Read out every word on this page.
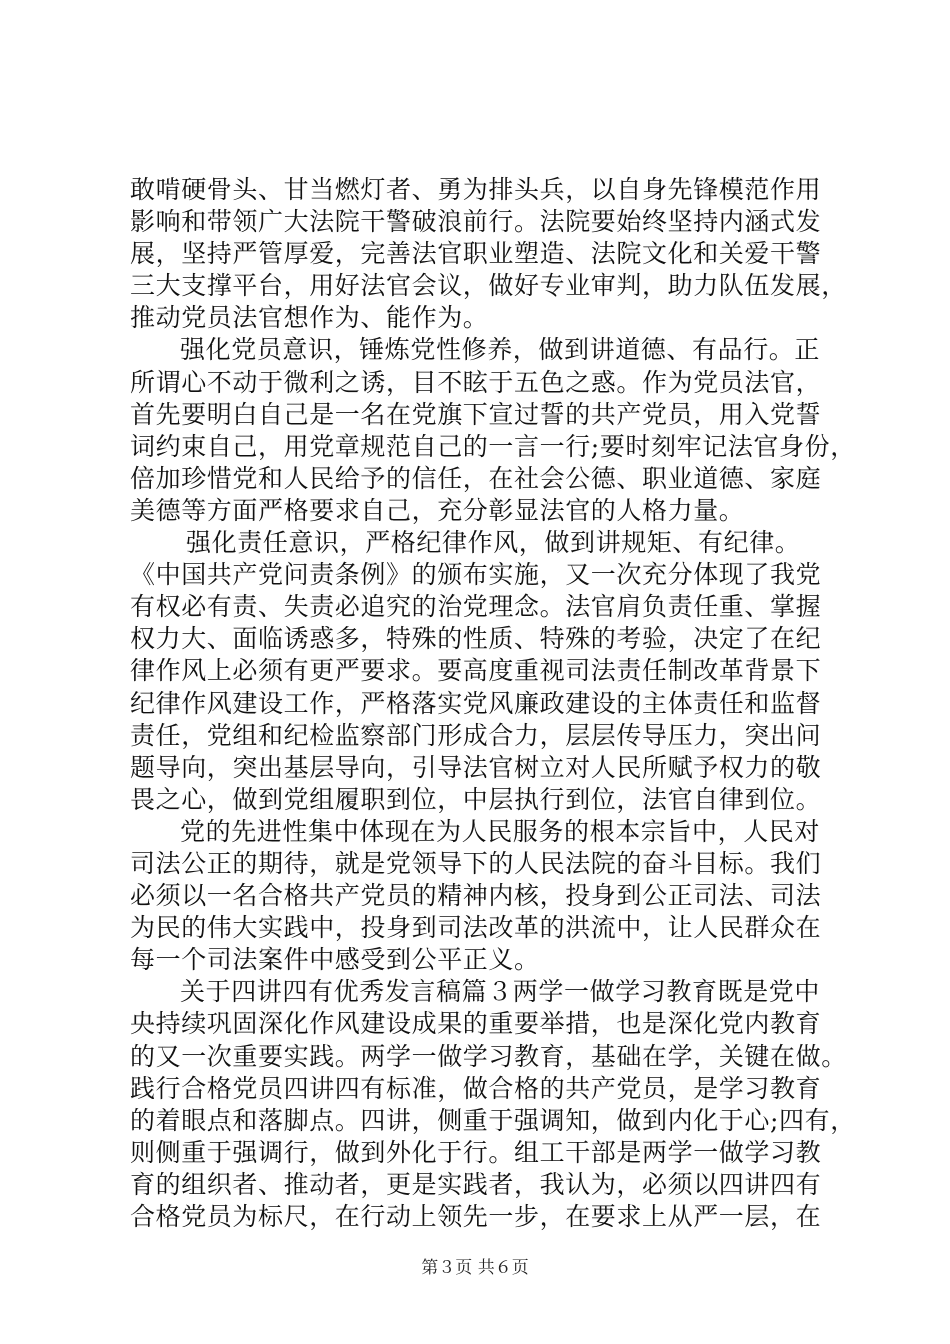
敢啃硬骨头、甘当燃灯者、勇为排头兵，以自身先锋模范作用
影响和带领广大法院干警破浪前行。法院要始终坚持内涵式发
展，坚持严管厚爱，完善法官职业塑造、法院文化和关爱干警
三大支撑平台，用好法官会议，做好专业审判，助力队伍发展，
推动党员法官想作为、能作为。
强化党员意识，锤炼党性修养，做到讲道德、有品行。正
所谓心不动于微利之诱，目不眩于五色之惑。作为党员法官，
首先要明白自己是一名在党旗下宣过誓的共产党员，用入党誓
词约束自己，用党章规范自己的一言一行;要时刻牢记法官身份，
倍加珍惜党和人民给予的信任，在社会公德、职业道德、家庭
美德等方面严格要求自己，充分彰显法官的人格力量。
强化责任意识，严格纪律作风，做到讲规矩、有纪律。
《中国共产党问责条例》的颁布实施，又一次充分体现了我党
有权必有责、失责必追究的治党理念。法官肩负责任重、掌握
权力大、面临诱惑多，特殊的性质、特殊的考验，决定了在纪
律作风上必须有更严要求。要高度重视司法责任制改革背景下
纪律作风建设工作，严格落实党风廉政建设的主体责任和监督
责任，党组和纪检监察部门形成合力，层层传导压力，突出问
题导向，突出基层导向，引导法官树立对人民所赋予权力的敬
畏之心，做到党组履职到位，中层执行到位，法官自律到位。
党的先进性集中体现在为人民服务的根本宗旨中，人民对
司法公正的期待，就是党领导下的人民法院的奋斗目标。我们
必须以一名合格共产党员的精神内核，投身到公正司法、司法
为民的伟大实践中，投身到司法改革的洪流中，让人民群众在
每一个司法案件中感受到公平正义。
关于四讲四有优秀发言稿篇３两学一做学习教育既是党中
央持续巩固深化作风建设成果的重要举措，也是深化党内教育
的又一次重要实践。两学一做学习教育，基础在学，关键在做。
践行合格党员四讲四有标准，做合格的共产党员，是学习教育
的着眼点和落脚点。四讲，侧重于强调知，做到内化于心;四有，
则侧重于强调行，做到外化于行。组工干部是两学一做学习教
育的组织者、推动者，更是实践者，我认为，必须以四讲四有
合格党员为标尺，在行动上领先一步，在要求上从严一层，在
第３页 共６页
